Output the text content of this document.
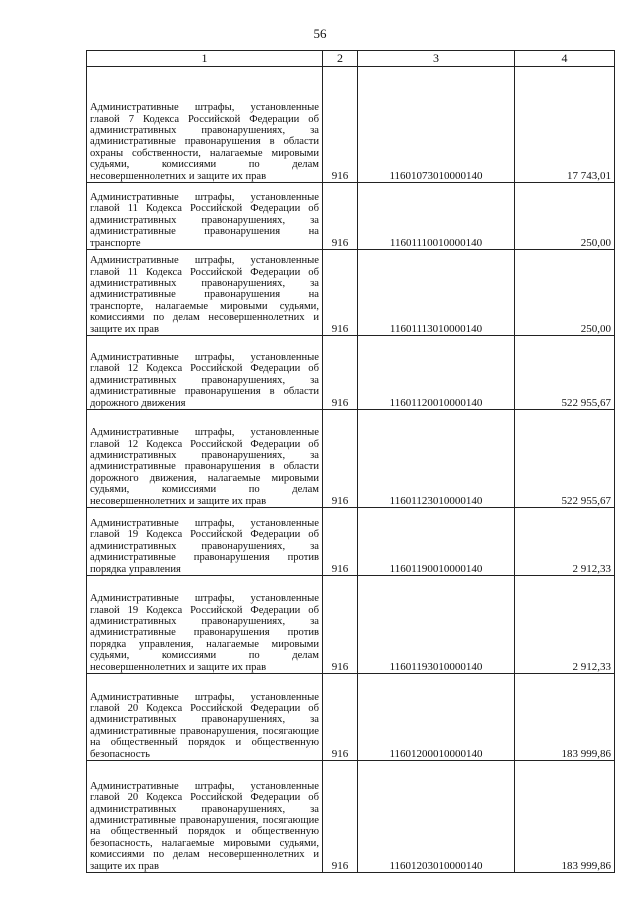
56
1	2	3	4
Административные штрафы, установленные главой 7 Кодекса Российской Федерации об административных правонарушениях, за административные правонарушения в области охраны собственности, налагаемые мировыми судьями, комиссиями по делам несовершеннолетних и защите их прав	916	11601073010000140	17 743,01
Административные штрафы, установленные главой 11 Кодекса Российской Федерации об административных правонарушениях, за административные правонарушения на транспорте	916	11601110010000140	250,00
Административные штрафы, установленные главой 11 Кодекса Российской Федерации об административных правонарушениях, за административные правонарушения на транспорте, налагаемые мировыми судьями, комиссиями по делам несовершеннолетних и защите их прав	916	11601113010000140	250,00
Административные штрафы, установленные главой 12 Кодекса Российской Федерации об административных правонарушениях, за административные правонарушения в области дорожного движения	916	11601120010000140	522 955,67
Административные штрафы, установленные главой 12 Кодекса Российской Федерации об административных правонарушениях, за административные правонарушения в области дорожного движения, налагаемые мировыми судьями, комиссиями по делам несовершеннолетних и защите их прав	916	11601123010000140	522 955,67
Административные штрафы, установленные главой 19 Кодекса Российской Федерации об административных правонарушениях, за административные правонарушения против порядка управления	916	11601190010000140	2 912,33
Административные штрафы, установленные главой 19 Кодекса Российской Федерации об административных правонарушениях, за административные правонарушения против порядка управления, налагаемые мировыми судьями, комиссиями по делам несовершеннолетних и защите их прав	916	11601193010000140	2 912,33
Административные штрафы, установленные главой 20 Кодекса Российской Федерации об административных правонарушениях, за административные правонарушения, посягающие на общественный порядок и общественную безопасность	916	11601200010000140	183 999,86
Административные штрафы, установленные главой 20 Кодекса Российской Федерации об административных правонарушениях, за административные правонарушения, посягающие на общественный порядок и общественную безопасность, налагаемые мировыми судьями, комиссиями по делам несовершеннолетних и защите их прав	916	11601203010000140	183 999,86
